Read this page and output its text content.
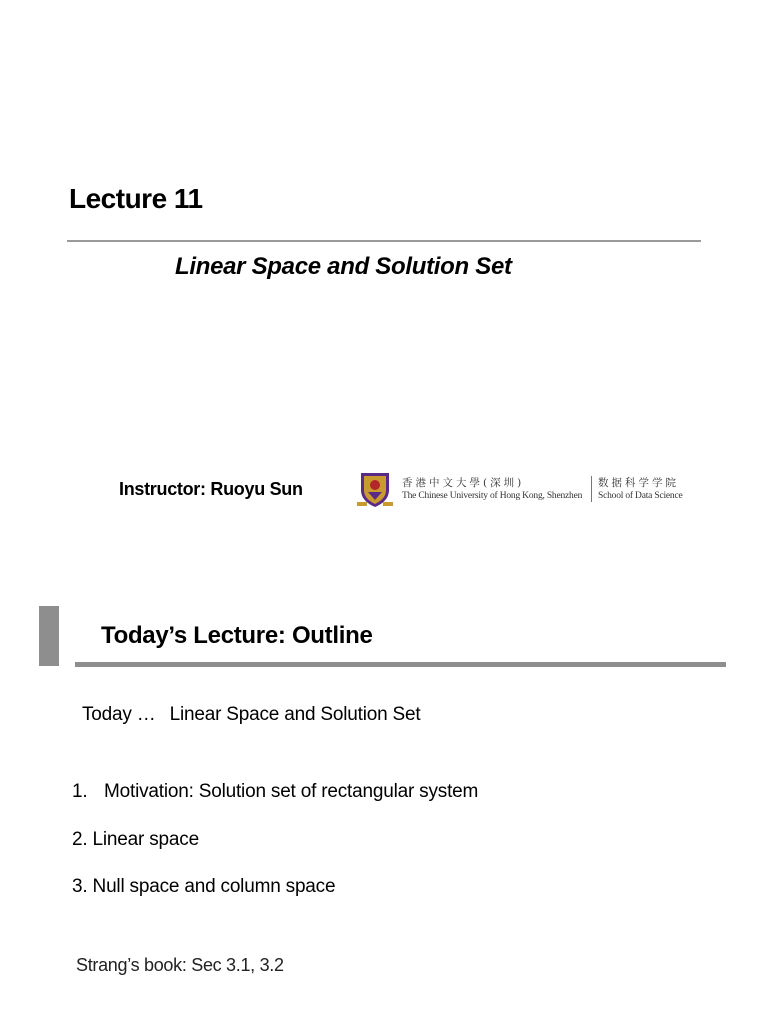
Lecture 11
Linear Space and Solution Set
Instructor: Ruoyu Sun	香港中文大學(深圳)
The Chinese University of Hong Kong, Shenzhen
数据科学学院
School of Data Science
Today’s Lecture: Outline
Today … Linear Space and Solution Set
1. Motivation: Solution set of rectangular system
2. Linear space
3. Null space and column space
Strang’s book: Sec 3.1, 3.2
